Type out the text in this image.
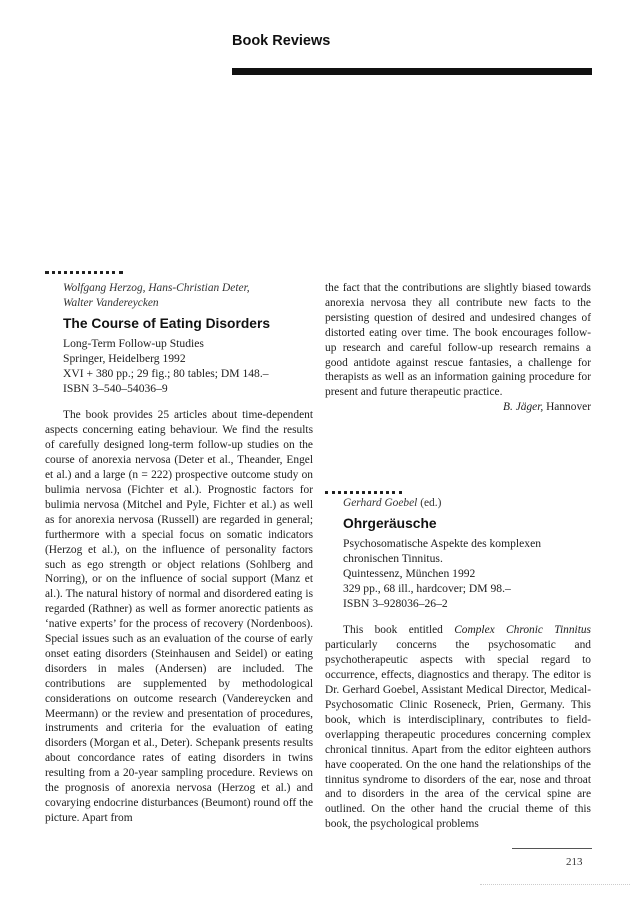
Book Reviews
Wolfgang Herzog, Hans-Christian Deter,
Walter Vandereycken
The Course of Eating Disorders
Long-Term Follow-up Studies
Springer, Heidelberg 1992
XVI + 380 pp.; 29 fig.; 80 tables; DM 148.–
ISBN 3–540–54036–9

The book provides 25 articles about time-dependent aspects concerning eating behaviour. We find the results of carefully designed long-term follow-up studies on the course of anorexia nervosa (Deter et al., Theander, Engel et al.) and a large (n = 222) prospective outcome study on bulimia nervosa (Fichter et al.). Prognostic factors for bulimia nervosa (Mitchel and Pyle, Fichter et al.) as well as for anorexia nervosa (Russell) are regarded in general; furthermore with a special focus on somatic indicators (Herzog et al.), on the influence of personality factors such as ego strength or object relations (Sohlberg and Norring), or on the influence of social support (Manz et al.). The natural history of normal and disordered eating is regarded (Rathner) as well as former anorectic patients as ‘native experts’ for the process of recovery (Nordenboos). Special issues such as an evaluation of the course of early onset eating disorders (Steinhausen and Seidel) or eating disorders in males (Andersen) are included. The contributions are supplemented by methodological considerations on outcome research (Vandereycken and Meermann) or the review and presentation of procedures, instruments and criteria for the evaluation of eating disorders (Morgan et al., Deter). Schepank presents results about concordance rates of eating disorders in twins resulting from a 20-year sampling procedure. Reviews on the prognosis of anorexia nervosa (Herzog et al.) and covarying endocrine disturbances (Beumont) round off the picture. Apart from

the fact that the contributions are slightly biased towards anorexia nervosa they all contribute new facts to the persisting question of desired and undesired changes of distorted eating over time. The book encourages follow-up research and careful follow-up research remains a good antidote against rescue fantasies, a challenge for therapists as well as an information gaining procedure for present and future therapeutic practice.

B. Jäger, Hannover
Gerhard Goebel (ed.)
Ohrgeräusche
Psychosomatische Aspekte des komplexen
chronischen Tinnitus.
Quintessenz, München 1992
329 pp., 68 ill., hardcover; DM 98.–
ISBN 3–928036–26–2

This book entitled Complex Chronic Tinnitus particularly concerns the psychosomatic and psychotherapeutic aspects with special regard to occurrence, effects, diagnostics and therapy. The editor is Dr. Gerhard Goebel, Assistant Medical Director, Medical-Psychosomatic Clinic Roseneck, Prien, Germany. This book, which is interdisciplinary, contributes to field-overlapping therapeutic procedures concerning complex chronical tinnitus. Apart from the editor eighteen authors have cooperated. On the one hand the relationships of the tinnitus syndrome to disorders of the ear, nose and throat and to disorders in the area of the cervical spine are outlined. On the other hand the crucial theme of this book, the psychological problems

213
